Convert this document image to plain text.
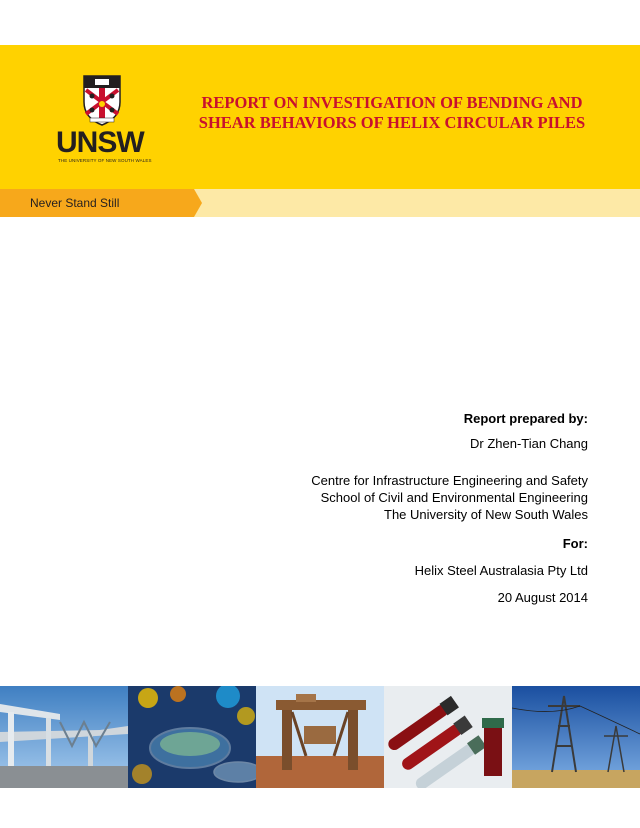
UNSW
THE UNIVERSITY OF NEW SOUTH WALES
REPORT ON INVESTIGATION OF BENDING AND
SHEAR BEHAVIORS OF HELIX CIRCULAR PILES
Never Stand Still
Report prepared by:
Dr Zhen-Tian Chang
Centre for Infrastructure Engineering and Safety
School of Civil and Environmental Engineering
The University of New South Wales
For:
Helix Steel Australasia Pty Ltd
20 August 2014
